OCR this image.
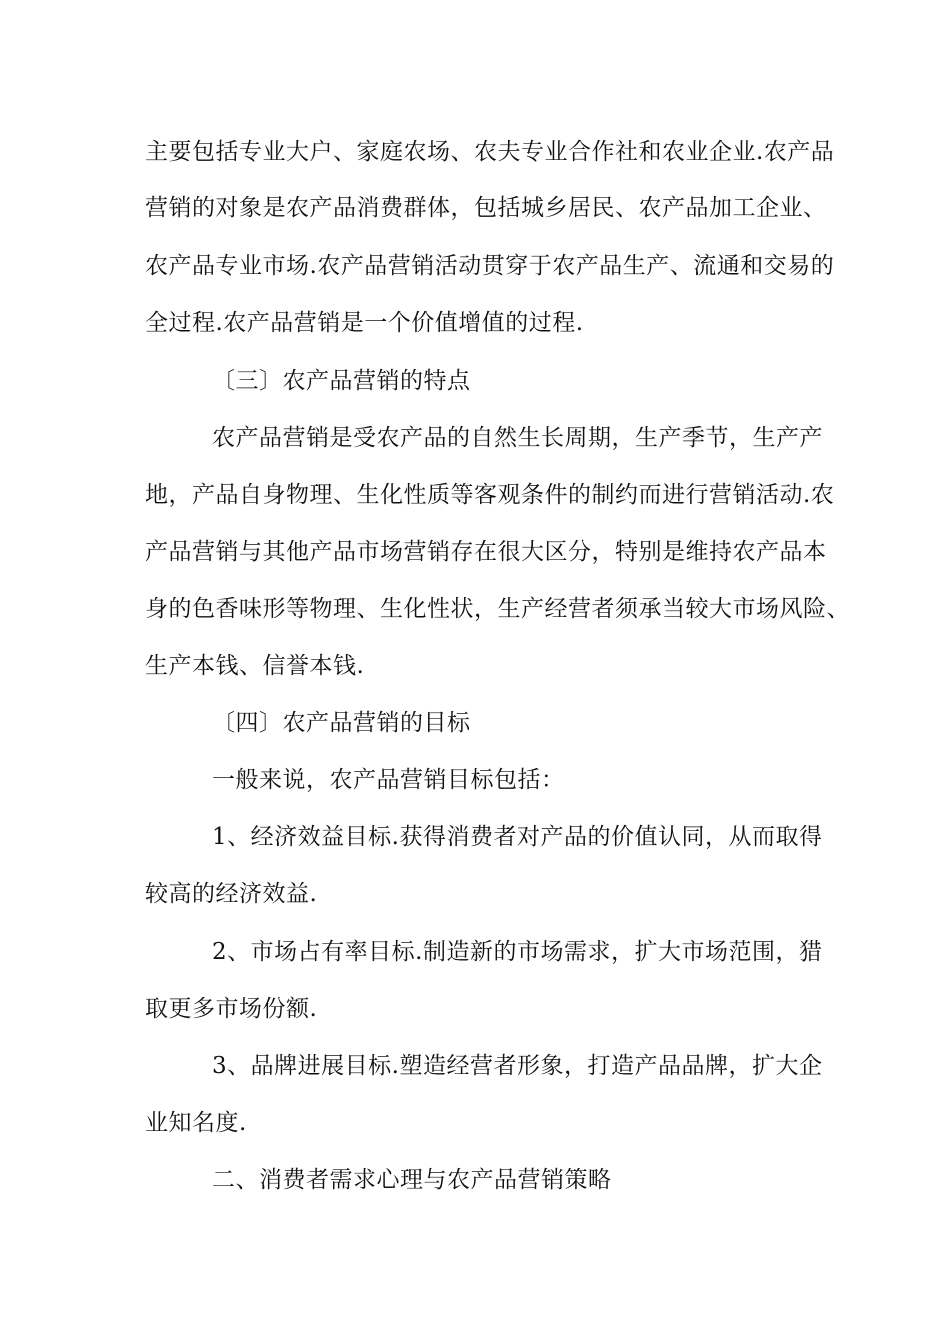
主要包括专业大户、家庭农场、农夫专业合作社和农业企业.农产品
营销的对象是农产品消费群体，包括城乡居民、农产品加工企业、
农产品专业市场.农产品营销活动贯穿于农产品生产、流通和交易的
全过程.农产品营销是一个价值增值的过程.
〔三〕农产品营销的特点
农产品营销是受农产品的自然生长周期，生产季节，生产产
地，产品自身物理、生化性质等客观条件的制约而进行营销活动.农
产品营销与其他产品市场营销存在很大区分，特别是维持农产品本
身的色香味形等物理、生化性状，生产经营者须承当较大市场风险、
生产本钱、信誉本钱.
〔四〕农产品营销的目标
一般来说，农产品营销目标包括：
1、经济效益目标.获得消费者对产品的价值认同，从而取得
较高的经济效益.
2、市场占有率目标.制造新的市场需求，扩大市场范围，猎
取更多市场份额.
3、品牌进展目标.塑造经营者形象，打造产品品牌，扩大企
业知名度.
二、消费者需求心理与农产品营销策略
